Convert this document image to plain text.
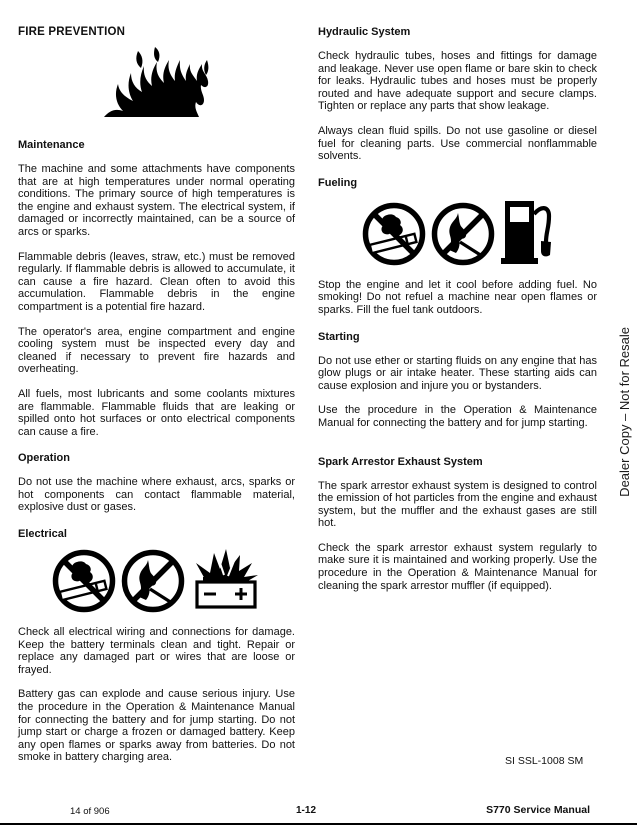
FIRE PREVENTION
Maintenance

The machine and some attachments have components that are at high temperatures under normal operating conditions. The primary source of high temperatures is the engine and exhaust system. The electrical system, if damaged or incorrectly maintained, can be a source of arcs or sparks.

Flammable debris (leaves, straw, etc.) must be removed regularly. If flammable debris is allowed to accumulate, it can cause a fire hazard. Clean often to avoid this accumulation. Flammable debris in the engine compartment is a potential fire hazard.

The operator's area, engine compartment and engine cooling system must be inspected every day and cleaned if necessary to prevent fire hazards and overheating.

All fuels, most lubricants and some coolants mixtures are flammable. Flammable fluids that are leaking or spilled onto hot surfaces or onto electrical components can cause a fire.

Operation

Do not use the machine where exhaust, arcs, sparks or hot components can contact flammable material, explosive dust or gases.

Electrical

Check all electrical wiring and connections for damage. Keep the battery terminals clean and tight. Repair or replace any damaged part or wires that are loose or frayed.

Battery gas can explode and cause serious injury. Use the procedure in the Operation & Maintenance Manual for connecting the battery and for jump starting. Do not jump start or charge a frozen or damaged battery. Keep any open flames or sparks away from batteries. Do not smoke in battery charging area.

Hydraulic System

Check hydraulic tubes, hoses and fittings for damage and leakage. Never use open flame or bare skin to check for leaks. Hydraulic tubes and hoses must be properly routed and have adequate support and secure clamps. Tighten or replace any parts that show leakage.

Always clean fluid spills. Do not use gasoline or diesel fuel for cleaning parts. Use commercial nonflammable solvents.

Fueling

Stop the engine and let it cool before adding fuel. No smoking! Do not refuel a machine near open flames or sparks. Fill the fuel tank outdoors.

Starting

Do not use ether or starting fluids on any engine that has glow plugs or air intake heater. These starting aids can cause explosion and injure you or bystanders.

Use the procedure in the Operation & Maintenance Manual for connecting the battery and for jump starting.

Spark Arrestor Exhaust System

The spark arrestor exhaust system is designed to control the emission of hot particles from the engine and exhaust system, but the muffler and the exhaust gases are still hot.

Check the spark arrestor exhaust system regularly to make sure it is maintained and working properly. Use the procedure in the Operation & Maintenance Manual for cleaning the spark arrestor muffler (if equipped).

Dealer Copy – Not for Resale
SI SSL-1008 SM
14 of 906	1-12	S770 Service Manual
